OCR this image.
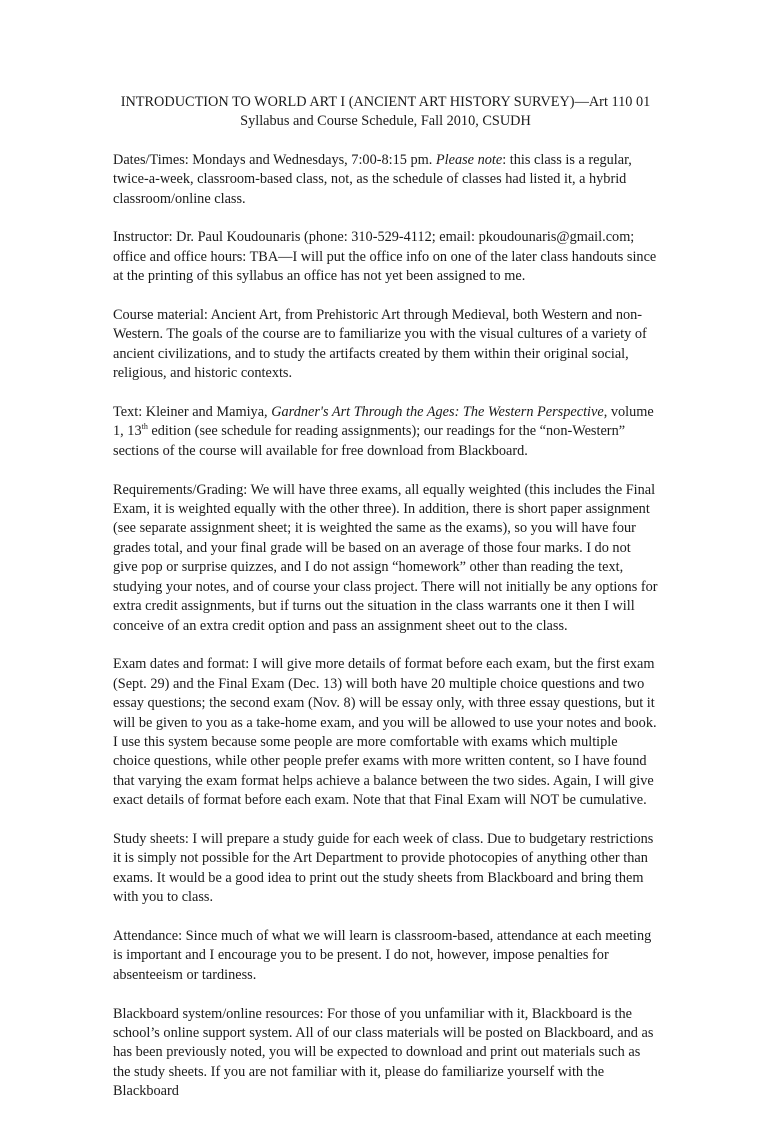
INTRODUCTION TO WORLD ART I (ANCIENT ART HISTORY SURVEY)—Art 110 01
Syllabus and Course Schedule, Fall 2010, CSUDH

Dates/Times: Mondays and Wednesdays, 7:00-8:15 pm. Please note: this class is a regular, twice-a-week, classroom-based class, not, as the schedule of classes had listed it, a hybrid classroom/online class.

Instructor: Dr. Paul Koudounaris (phone: 310-529-4112; email: pkoudounaris@gmail.com; office and office hours: TBA—I will put the office info on one of the later class handouts since at the printing of this syllabus an office has not yet been assigned to me.

Course material: Ancient Art, from Prehistoric Art through Medieval, both Western and non-Western. The goals of the course are to familiarize you with the visual cultures of a variety of ancient civilizations, and to study the artifacts created by them within their original social, religious, and historic contexts.

Text: Kleiner and Mamiya, Gardner's Art Through the Ages: The Western Perspective, volume 1, 13th edition (see schedule for reading assignments); our readings for the “non-Western” sections of the course will available for free download from Blackboard.

Requirements/Grading: We will have three exams, all equally weighted (this includes the Final Exam, it is weighted equally with the other three). In addition, there is short paper assignment (see separate assignment sheet; it is weighted the same as the exams), so you will have four grades total, and your final grade will be based on an average of those four marks. I do not give pop or surprise quizzes, and I do not assign “homework” other than reading the text, studying your notes, and of course your class project. There will not initially be any options for extra credit assignments, but if turns out the situation in the class warrants one it then I will conceive of an extra credit option and pass an assignment sheet out to the class.

Exam dates and format: I will give more details of format before each exam, but the first exam (Sept. 29) and the Final Exam (Dec. 13) will both have 20 multiple choice questions and two essay questions; the second exam (Nov. 8) will be essay only, with three essay questions, but it will be given to you as a take-home exam, and you will be allowed to use your notes and book. I use this system because some people are more comfortable with exams which multiple choice questions, while other people prefer exams with more written content, so I have found that varying the exam format helps achieve a balance between the two sides. Again, I will give exact details of format before each exam. Note that that Final Exam will NOT be cumulative.

Study sheets: I will prepare a study guide for each week of class. Due to budgetary restrictions it is simply not possible for the Art Department to provide photocopies of anything other than exams. It would be a good idea to print out the study sheets from Blackboard and bring them with you to class.

Attendance: Since much of what we will learn is classroom-based, attendance at each meeting is important and I encourage you to be present. I do not, however, impose penalties for absenteeism or tardiness.

Blackboard system/online resources: For those of you unfamiliar with it, Blackboard is the school’s online support system. All of our class materials will be posted on Blackboard, and as has been previously noted, you will be expected to download and print out materials such as the study sheets. If you are not familiar with it, please do familiarize yourself with the Blackboard
